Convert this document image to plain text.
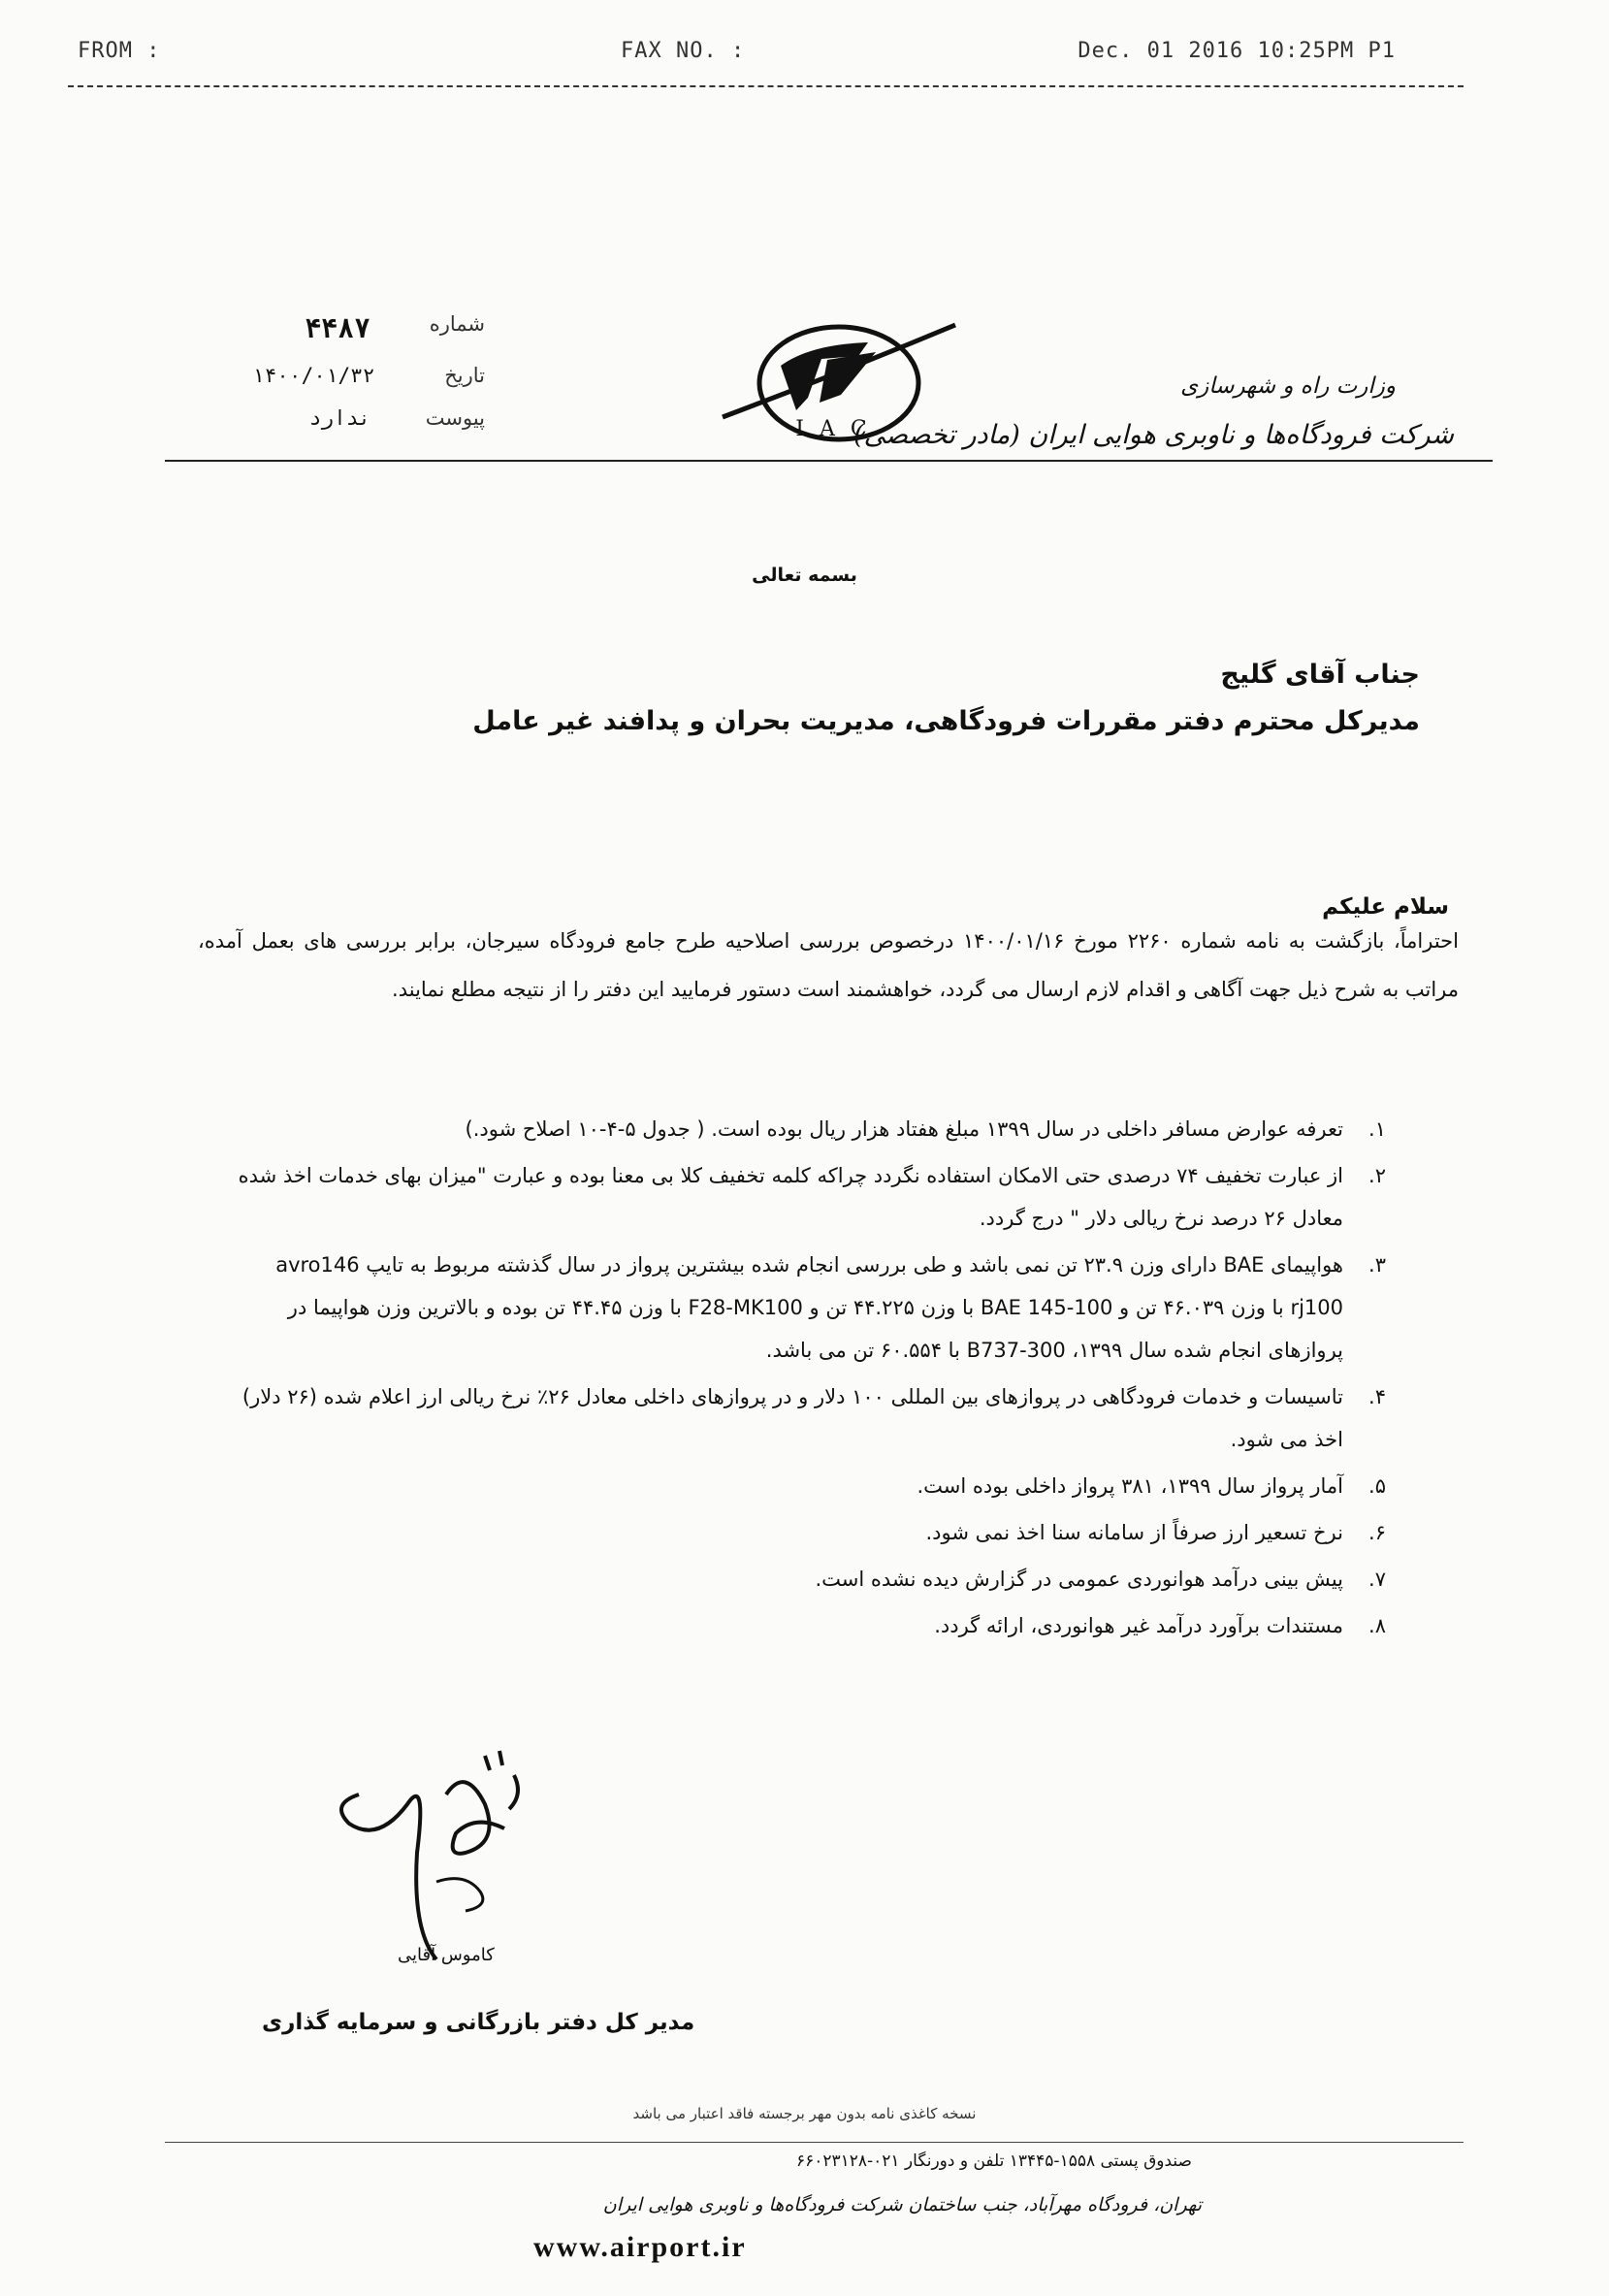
FROM :	FAX NO. :	Dec. 01 2016 10:25PM P1
شماره
۴۴۸۷
تاریخ
۱۴۰۰/۰۱/۳۲
پیوست
ندارد	IAC
وزارت راه و شهرسازی
شرکت فرودگاه‌ها و ناوبری هوایی ایران (مادر تخصصی)
بسمه تعالی
جناب آقای گلیج
مدیرکل محترم دفتر مقررات فرودگاهی، مدیریت بحران و پدافند غیر عامل
سلام علیکم
احتراماً، بازگشت به نامه شماره ۲۲۶۰ مورخ ۱۴۰۰/۰۱/۱۶ درخصوص بررسی اصلاحیه طرح جامع فرودگاه سیرجان، برابر بررسی های بعمل آمده، مراتب به شرح ذیل جهت آگاهی و اقدام لازم ارسال می گردد، خواهشمند است دستور فرمایید این دفتر را از نتیجه مطلع نمایند.
۱.
تعرفه عوارض مسافر داخلی در سال ۱۳۹۹ مبلغ هفتاد هزار ریال بوده است. ( جدول ۵-۴-۱۰ اصلاح شود.)
۲.
از عبارت تخفیف ۷۴ درصدی حتی الامکان استفاده نگردد چراکه کلمه تخفیف کلا بی معنا بوده و عبارت "میزان بهای خدمات اخذ شده معادل ۲۶ درصد نرخ ریالی دلار " درج گردد.
۳.
هواپیمای BAE دارای وزن ۲۳.۹ تن نمی باشد و طی بررسی انجام شده بیشترین پرواز در سال گذشته مربوط به تایپ avro146 rj100 با وزن ۴۶.۰۳۹ تن و BAE 145-100 با وزن ۴۴.۲۲۵ تن و F28-MK100 با وزن ۴۴.۴۵ تن بوده و بالاترین وزن هواپیما در پروازهای انجام شده سال ۱۳۹۹، B737-300 با ۶۰.۵۵۴ تن می باشد.
۴.
تاسیسات و خدمات فرودگاهی در پروازهای بین المللی ۱۰۰ دلار و در پروازهای داخلی معادل ۲۶٪ نرخ ریالی ارز اعلام شده (۲۶ دلار) اخذ می شود.
۵.
آمار پرواز سال ۱۳۹۹، ۳۸۱ پرواز داخلی بوده است.
۶.
نرخ تسعیر ارز صرفاً از سامانه سنا اخذ نمی شود.
۷.
پیش بینی درآمد هوانوردی عمومی در گزارش دیده نشده است.
۸.
مستندات برآورد درآمد غیر هوانوردی، ارائه گردد.
کاموس آقایی
مدیر کل دفتر بازرگانی و سرمایه گذاری
نسخه کاغذی نامه بدون مهر برجسته فاقد اعتبار می باشد
صندوق پستی ۱۵۵۸-۱۳۴۴۵ تلفن و دورنگار ۰۲۱-۶۶۰۲۳۱۲۸
تهران، فرودگاه مهرآباد، جنب ساختمان شرکت فرودگاه‌ها و ناوبری هوایی ایران
www.airport.ir
